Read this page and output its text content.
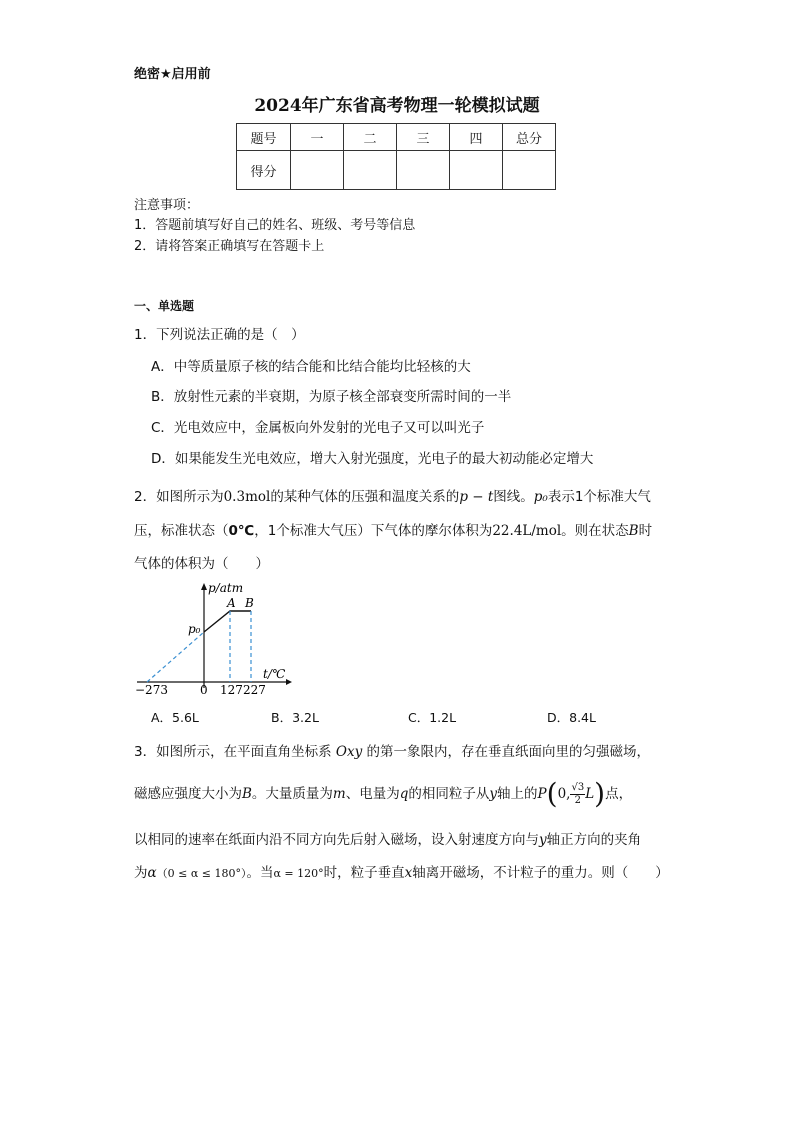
绝密★启用前
2024年广东省高考物理一轮模拟试题
题号	一	二	三	四	总分
得分					
注意事项：
1．答题前填写好自己的姓名、班级、考号等信息
2．请将答案正确填写在答题卡上
一、单选题
1．下列说法正确的是（　）
A．中等质量原子核的结合能和比结合能均比轻核的大
B．放射性元素的半衰期，为原子核全部衰变所需时间的一半
C．光电效应中，金属板向外发射的光电子又可以叫光子
D．如果能发生光电效应，增大入射光强度，光电子的最大初动能必定增大
2．如图所示为0.3mol的某种气体的压强和温度关系的p − t图线。p₀表示1个标准大气
压，标准状态（0℃，1个标准大气压）下气体的摩尔体积为22.4L/mol。则在状态B时
气体的体积为（　　）
p/atm
t/℃
p₀
A B
−273	0 127 227
A．5.6L	B．3.2L	C．1.2L	D．8.4L
3．如图所示，在平面直角坐标系 Oxy 的第一象限内，存在垂直纸面向里的匀强磁场，
磁感应强度大小为B。大量质量为m、电量为q的相同粒子从y轴上的P(0, $\frac{√3}{2} L$)点，
以相同的速率在纸面内沿不同方向先后射入磁场，设入射速度方向与y轴正方向的夹角
为α（0 ≤ α ≤ 180°）。当α = 120°时，粒子垂直x轴离开磁场，不计粒子的重力。则（　　）
